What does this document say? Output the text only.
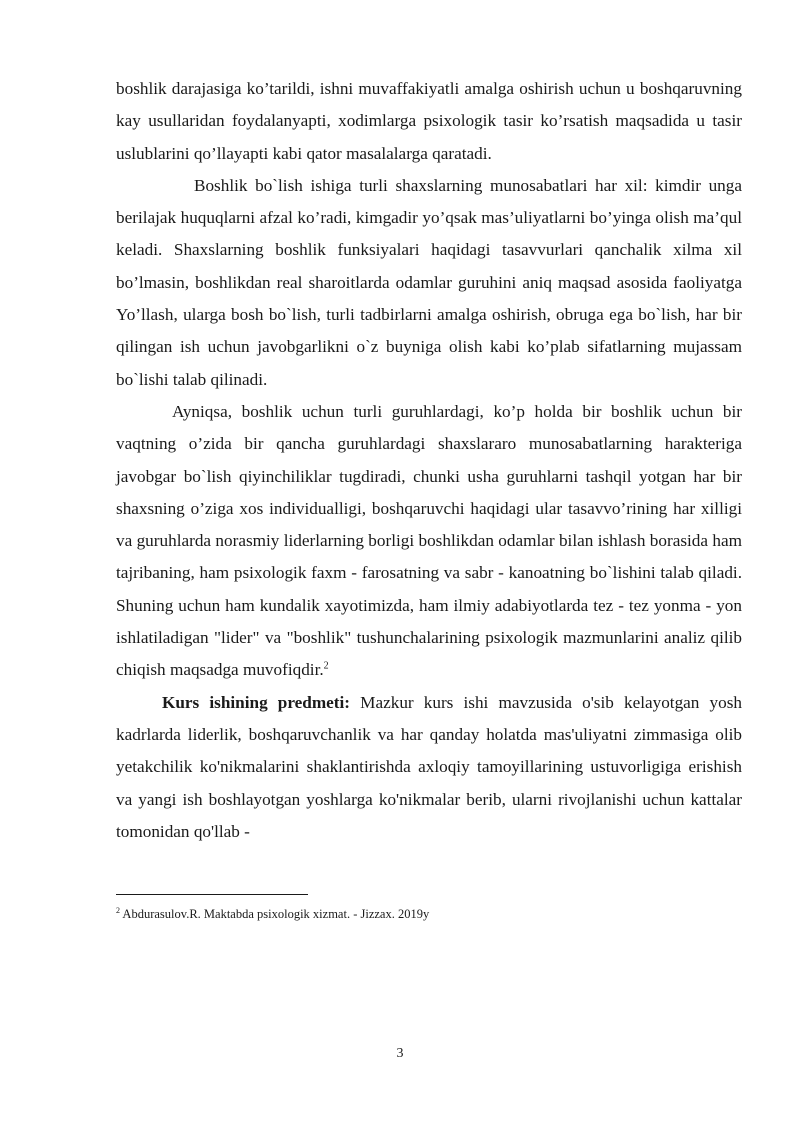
boshlik darajasiga ko’tarildi, ishni muvaffakiyatli amalga oshirish uchun u boshqaruvning kay usullaridan foydalanyapti, xodimlarga psixologik tasir ko’rsatish maqsadida u tasir uslublarini qo’llayapti kabi qator masalalarga qaratadi.

Boshlik bo`lish ishiga turli shaxslarning munosabatlari har xil: kimdir unga berilajak huquqlarni afzal ko’radi, kimgadir yo’qsak mas’uliyatlarni bo’yinga olish ma’qul keladi. Shaxslarning boshlik funksiyalari haqidagi tasavvurlari qanchalik xilma xil bo’lmasin, boshlikdan real sharoitlarda odamlar guruhini aniq maqsad asosida faoliyatga Yo’llash, ularga bosh bo`lish, turli tadbirlarni amalga oshirish, obruga ega bo`lish, har bir qilingan ish uchun javobgarlikni o`z buyniga olish kabi ko’plab sifatlarning mujassam bo`lishi talab qilinadi.

Ayniqsa, boshlik uchun turli guruhlardagi, ko’p holda bir boshlik uchun bir vaqtning o’zida bir qancha guruhlardagi shaxslararo munosabatlarning harakteriga javobgar bo`lish qiyinchiliklar tugdiradi, chunki usha guruhlarni tashqil yotgan har bir shaxsning o’ziga xos individualligi, boshqaruvchi haqidagi ular tasavvo’rining har xilligi va guruhlarda norasmiy liderlarning borligi boshlikdan odamlar bilan ishlash borasida ham tajribaning, ham psixologik faxm - farosatning va sabr - kanoatning bo`lishini talab qiladi. Shuning uchun ham kundalik xayotimizda, ham ilmiy adabiyotlarda tez - tez yonma - yon ishlatiladigan "lider" va "boshlik" tushunchalarining psixologik mazmunlarini analiz qilib chiqish maqsadga muvofiqdir.$^2$

Kurs ishining predmeti: Mazkur kurs ishi mavzusida o'sib kelayotgan yosh kadrlarda liderlik, boshqaruvchanlik va har qanday holatda mas'uliyatni zimmasiga olib yetakchilik ko'nikmalarini shaklantirishda axloqiy tamoyillarining ustuvorligiga erishish va yangi ish boshlayotgan yoshlarga ko'nikmalar berib, ularni rivojlanishi uchun kattalar tomonidan qo'llab -

$^2$ Abdurasulov.R. Maktabda psixologik xizmat. - Jizzax. 2019y

3
